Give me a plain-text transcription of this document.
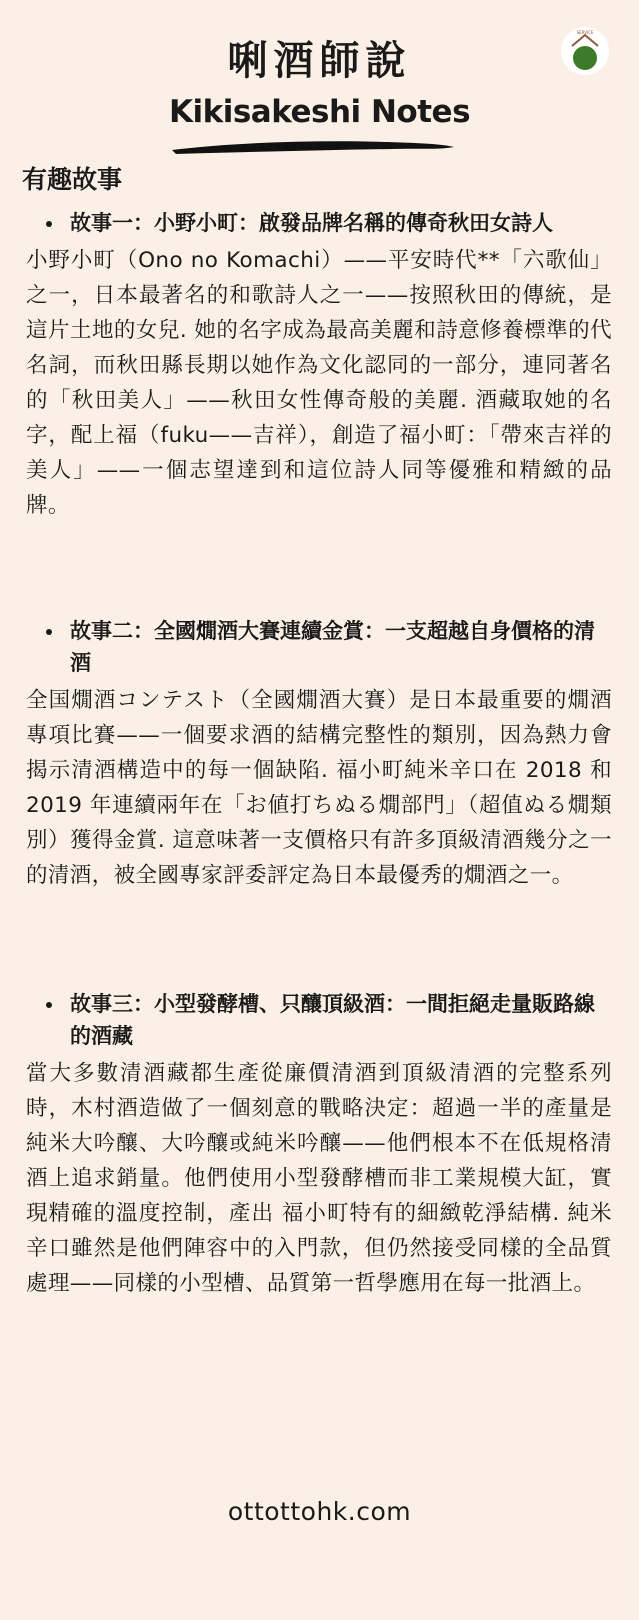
唎酒師說
Kikisakeshi Notes
SERVICE
有趣故事
故事一：小野小町：啟發品牌名稱的傳奇秋田女詩人
小野小町（Ono no Komachi）——平安時代**「六歌仙」之一，日本最著名的和歌詩人之一——按照秋田的傳統，是這片土地的女兒. 她的名字成為最高美麗和詩意修養標準的代名詞，而秋田縣長期以她作為文化認同的一部分，連同著名的「秋田美人」——秋田女性傳奇般的美麗. 酒藏取她的名字，配上福（fuku——吉祥），創造了福小町：「帶來吉祥的美人」——一個志望達到和這位詩人同等優雅和精緻的品牌。
故事二：全國燗酒大賽連續金賞：一支超越自身價格的清酒
全国燗酒コンテスト（全國燗酒大賽）是日本最重要的燗酒專項比賽——一個要求酒的結構完整性的類別，因為熱力會揭示清酒構造中的每一個缺陷. 福小町純米辛口在 2018 和 2019 年連續兩年在「お値打ちぬる燗部門」（超值ぬる燗類別）獲得金賞. 這意味著一支價格只有許多頂級清酒幾分之一的清酒，被全國專家評委評定為日本最優秀的燗酒之一。
故事三：小型發酵槽、只釀頂級酒：一間拒絕走量販路線的酒藏
當大多數清酒藏都生產從廉價清酒到頂級清酒的完整系列時，木村酒造做了一個刻意的戰略決定：超過一半的產量是純米大吟釀、大吟釀或純米吟釀——他們根本不在低規格清酒上追求銷量。他們使用小型發酵槽而非工業規模大缸，實現精確的溫度控制，產出 福小町特有的細緻乾淨結構. 純米辛口雖然是他們陣容中的入門款，但仍然接受同樣的全品質處理——同樣的小型槽、品質第一哲學應用在每一批酒上。
ottottohk.com
